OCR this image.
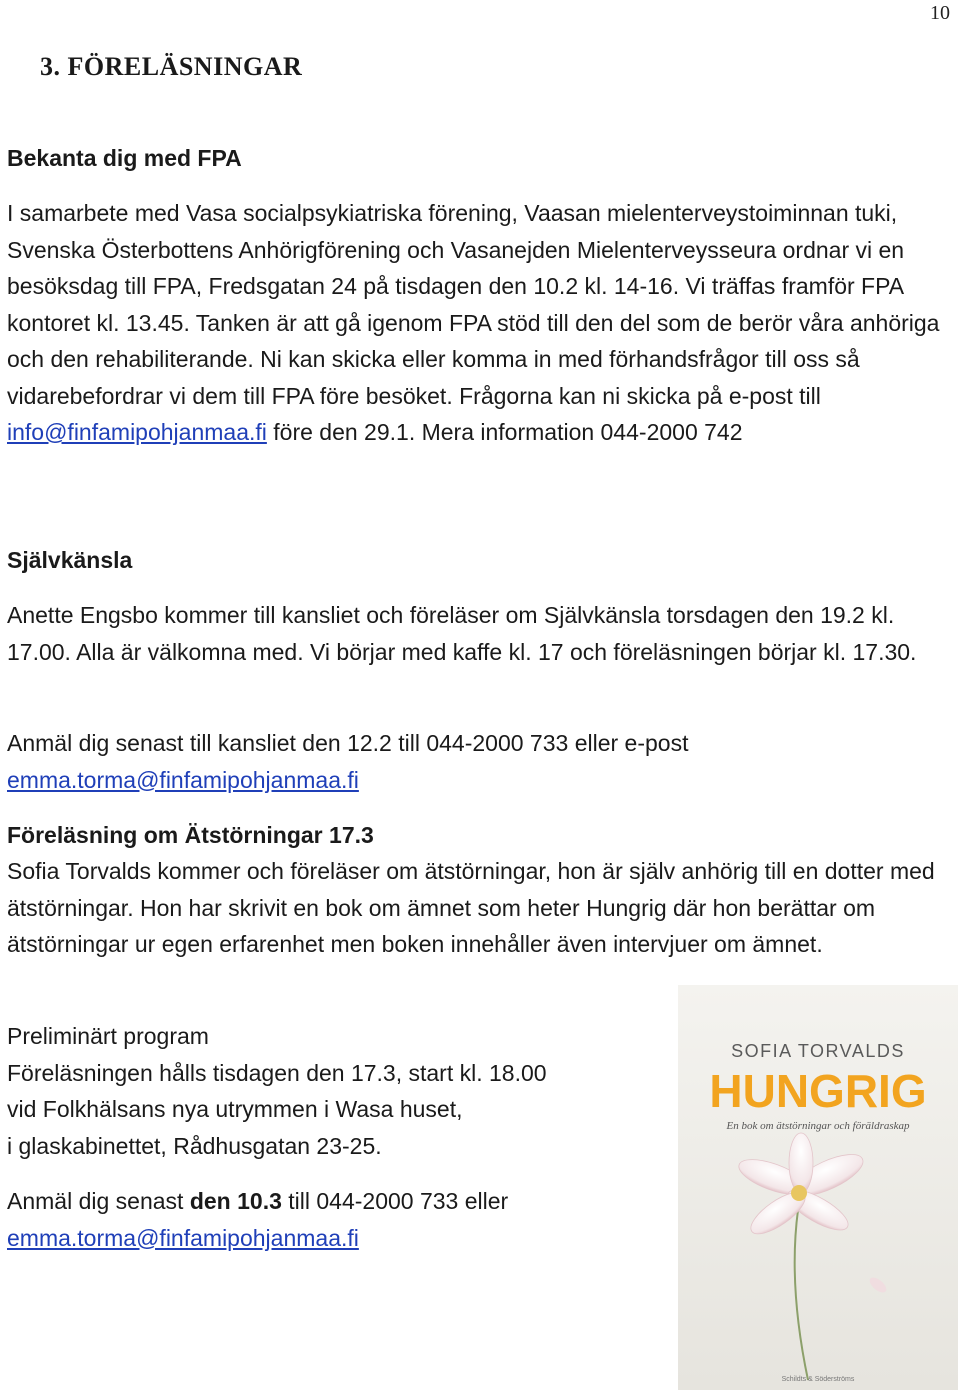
10
3. FÖRELÄSNINGAR
Bekanta dig med FPA

I samarbete med Vasa socialpsykiatriska förening, Vaasan mielenterveystoiminnan tuki, Svenska Österbottens Anhörigförening och Vasanejden Mielenterveysseura ordnar vi en besöksdag till FPA, Fredsgatan 24 på tisdagen den 10.2 kl. 14-16. Vi träffas framför FPA kontoret kl. 13.45. Tanken är att gå igenom FPA stöd till den del som de berör våra anhöriga och den rehabiliterande. Ni kan skicka eller komma in med förhandsfrågor till oss så vidarebefordrar vi dem till FPA före besöket. Frågorna kan ni skicka på e-post till info@finfamipohjanmaa.fi före den 29.1. Mera information 044-2000 742

Självkänsla

Anette Engsbo kommer till kansliet och föreläser om Självkänsla torsdagen den 19.2 kl. 17.00. Alla är välkomna med. Vi börjar med kaffe kl. 17 och föreläsningen börjar kl. 17.30.

Anmäl dig senast till kansliet den 12.2 till 044-2000 733 eller e-post
emma.torma@finfamipohjanmaa.fi

Föreläsning om Ätstörningar 17.3

Sofia Torvalds kommer och föreläser om ätstörningar, hon är själv anhörig till en dotter med ätstörningar. Hon har skrivit en bok om ämnet som heter Hungrig där hon berättar om ätstörningar ur egen erfarenhet men boken innehåller även intervjuer om ämnet.

Preliminärt program
Föreläsningen hålls tisdagen den 17.3, start kl. 18.00
vid Folkhälsans nya utrymmen i Wasa huset,
i glaskabinettet, Rådhusgatan 23-25.

Anmäl dig senast den 10.3 till 044-2000 733 eller
emma.torma@finfamipohjanmaa.fi

SOFIA TORVALDS
HUNGRIG
En bok om ätstörningar och föräldraskap
Schildts & Söderströms
